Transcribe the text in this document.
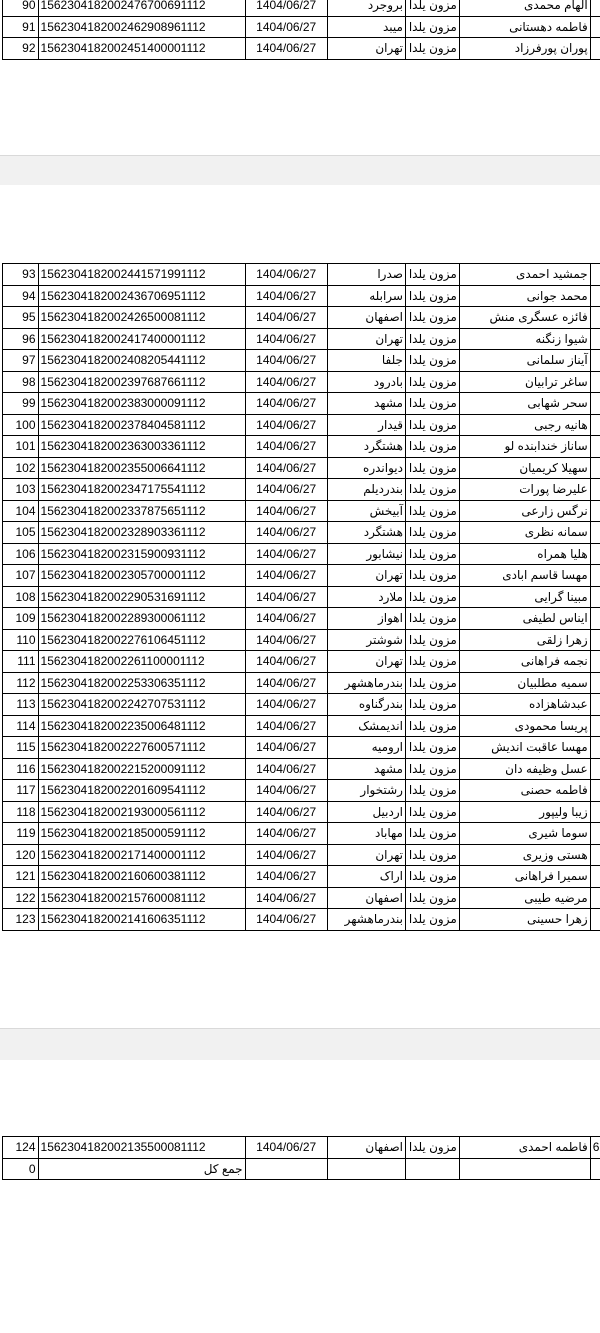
90	1562304182002476700691112	1404/06/27	بروجرد	مزون يلدا	الهام محمدی	
91	1562304182002462908961112	1404/06/27	میبد	مزون يلدا	فاطمه دهستانی	
92	1562304182002451400001112	1404/06/27	تهران	مزون يلدا	پوران پورفرزاد	
93	1562304182002441571991112	1404/06/27	صدرا	مزون يلدا	جمشيد احمدی	
94	1562304182002436706951112	1404/06/27	سرابله	مزون يلدا	محمد جوانی	
95	1562304182002426500081112	1404/06/27	اصفهان	مزون يلدا	فائزه عسگری منش	
96	1562304182002417400001112	1404/06/27	تهران	مزون يلدا	شیوا زنگنه	
97	1562304182002408205441112	1404/06/27	جلفا	مزون يلدا	آيناز سلمانی	
98	1562304182002397687661112	1404/06/27	بادرود	مزون يلدا	ساغر ترابيان	
99	1562304182002383000091112	1404/06/27	مشهد	مزون يلدا	سحر شهابی	
100	1562304182002378404581112	1404/06/27	قیدار	مزون يلدا	هانيه رجبی	
101	1562304182002363003361112	1404/06/27	هشتگرد	مزون يلدا	ساناز خندابنده لو	
102	1562304182002355006641112	1404/06/27	ديواندره	مزون يلدا	سهيلا كريميان	
103	1562304182002347175541112	1404/06/27	بندرديلم	مزون يلدا	عليرضا پورات	
104	1562304182002337875651112	1404/06/27	آبيخش	مزون يلدا	نرگس زارعی	
105	1562304182002328903361112	1404/06/27	هشتگرد	مزون يلدا	سمانه نظری	
106	1562304182002315900931112	1404/06/27	نيشابور	مزون يلدا	هليا همراه	
107	1562304182002305700001112	1404/06/27	تهران	مزون يلدا	مهسا قاسم ابادی	
108	1562304182002290531691112	1404/06/27	ملارد	مزون يلدا	مبينا گرايی	
109	1562304182002289300061112	1404/06/27	اهواز	مزون يلدا	ايناس لطيفی	
110	1562304182002276106451112	1404/06/27	شوشتر	مزون يلدا	زهرا زلقی	
111	1562304182002261100001112	1404/06/27	تهران	مزون يلدا	نجمه فراهانی	
112	1562304182002253306351112	1404/06/27	بندرماهشهر	مزون يلدا	سميه مطلبيان	
113	1562304182002242707531112	1404/06/27	بندرگناوه	مزون يلدا	عبدشاهزاده	
114	1562304182002235006481112	1404/06/27	انديمشک	مزون يلدا	پريسا محمودی	
115	1562304182002227600571112	1404/06/27	اروميه	مزون يلدا	مهسا عاقبت انديش	
116	1562304182002215200091112	1404/06/27	مشهد	مزون يلدا	عسل وظيفه دان	
117	1562304182002201609541112	1404/06/27	رشتخوار	مزون يلدا	فاطمه حصنی	
118	1562304182002193000561112	1404/06/27	اردبيل	مزون يلدا	زيبا وليپور	
119	1562304182002185000591112	1404/06/27	مهاباد	مزون يلدا	سوما شيری	
120	1562304182002171400001112	1404/06/27	تهران	مزون يلدا	هستی وزيری	
121	1562304182002160600381112	1404/06/27	اراک	مزون يلدا	سميرا فراهانی	
122	1562304182002157600081112	1404/06/27	اصفهان	مزون يلدا	مرضيه طيبی	
123	1562304182002141606351112	1404/06/27	بندرماهشهر	مزون يلدا	زهرا حسينی	
124	1562304182002135500081112	1404/06/27	اصفهان	مزون يلدا	فاطمه احمدی	6
0	جمع کل					
